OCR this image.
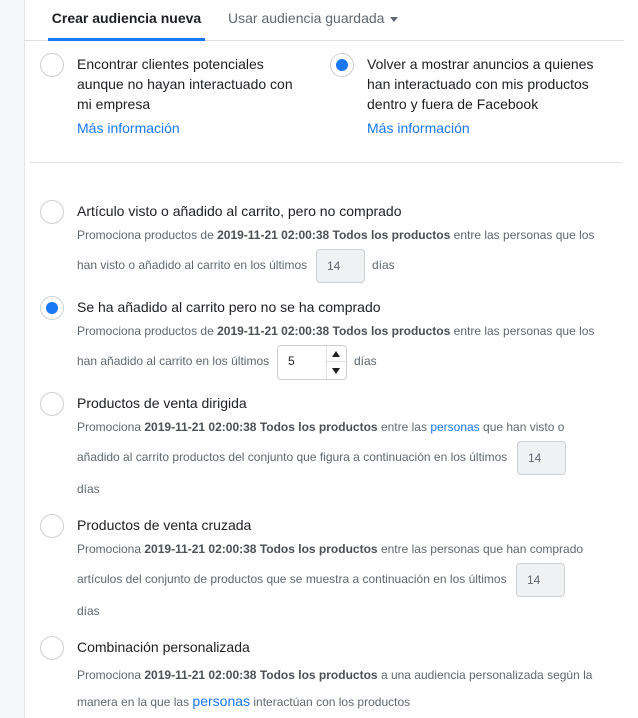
Crear audiencia nueva Usar audiencia guardada
Encontrar clientes potenciales
aunque no hayan interactuado con
mi empresa
Más información
Volver a mostrar anuncios a quienes
han interactuado con mis productos
dentro y fuera de Facebook
Más información
Artículo visto o añadido al carrito, pero no comprado
Promociona productos de 2019-11-21 02:00:38 Todos los productos entre las personas que los
han visto o añadido al carrito en los últimos	14	días
Se ha añadido al carrito pero no se ha comprado
Promociona productos de 2019-11-21 02:00:38 Todos los productos entre las personas que los
han añadido al carrito en los últimos 5	días
Productos de venta dirigida
Promociona 2019-11-21 02:00:38 Todos los productos entre las personas que han visto o
añadido al carrito productos del conjunto que figura a continuación en los últimos	14
días
Productos de venta cruzada
Promociona 2019-11-21 02:00:38 Todos los productos entre las personas que han comprado
artículos del conjunto de productos que se muestra a continuación en los últimos	14
días
Combinación personalizada
Promociona 2019-11-21 02:00:38 Todos los productos a una audiencia personalizada según la
manera en la que las personas interactúan con los productos
